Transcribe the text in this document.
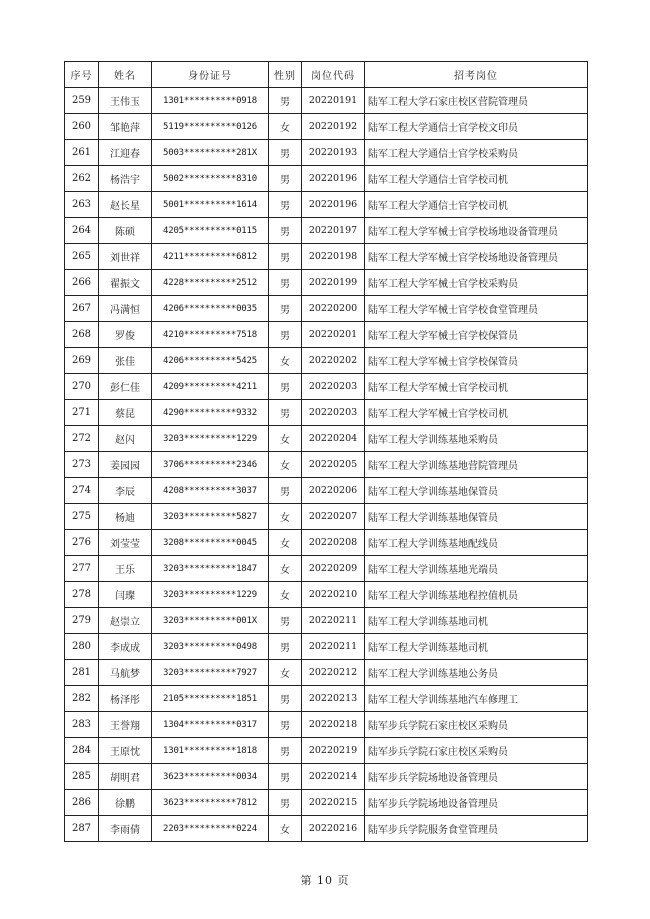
序号	姓名	身份证号	性别	岗位代码	招考岗位
259	王伟玉	1301**********0918	男	20220191	陆军工程大学石家庄校区营院管理员
260	邹艳萍	5119**********0126	女	20220192	陆军工程大学通信士官学校文印员
261	江迎春	5003**********281X	男	20220193	陆军工程大学通信士官学校采购员
262	杨浩宇	5002**********8310	男	20220196	陆军工程大学通信士官学校司机
263	赵长星	5001**********1614	男	20220196	陆军工程大学通信士官学校司机
264	陈硕	4205**********0115	男	20220197	陆军工程大学军械士官学校场地设备管理员
265	刘世祥	4211**********6812	男	20220198	陆军工程大学军械士官学校场地设备管理员
266	翟振文	4228**********2512	男	20220199	陆军工程大学军械士官学校采购员
267	冯满恒	4206**********0035	男	20220200	陆军工程大学军械士官学校食堂管理员
268	罗俊	4210**********7518	男	20220201	陆军工程大学军械士官学校保管员
269	张佳	4206**********5425	女	20220202	陆军工程大学军械士官学校保管员
270	彭仁佳	4209**********4211	男	20220203	陆军工程大学军械士官学校司机
271	蔡昆	4290**********9332	男	20220203	陆军工程大学军械士官学校司机
272	赵闪	3203**********1229	女	20220204	陆军工程大学训练基地采购员
273	姜园园	3706**********2346	女	20220205	陆军工程大学训练基地营院管理员
274	李辰	4208**********3037	男	20220206	陆军工程大学训练基地保管员
275	杨迪	3203**********5827	女	20220207	陆军工程大学训练基地保管员
276	刘莹莹	3208**********0045	女	20220208	陆军工程大学训练基地配线员
277	王乐	3203**********1847	女	20220209	陆军工程大学训练基地光端员
278	闫璨	3203**********1229	女	20220210	陆军工程大学训练基地程控值机员
279	赵崇立	3203**********001X	男	20220211	陆军工程大学训练基地司机
280	李成成	3203**********0498	男	20220211	陆军工程大学训练基地司机
281	马航梦	3203**********7927	女	20220212	陆军工程大学训练基地公务员
282	杨泽彤	2105**********1851	男	20220213	陆军工程大学训练基地汽车修理工
283	王誉翔	1304**********0317	男	20220218	陆军步兵学院石家庄校区采购员
284	王原忱	1301**********1818	男	20220219	陆军步兵学院石家庄校区采购员
285	胡明君	3623**********0034	男	20220214	陆军步兵学院场地设备管理员
286	徐鹏	3623**********7812	男	20220215	陆军步兵学院场地设备管理员
287	李雨倩	2203**********0224	女	20220216	陆军步兵学院服务食堂管理员
第 10 页
